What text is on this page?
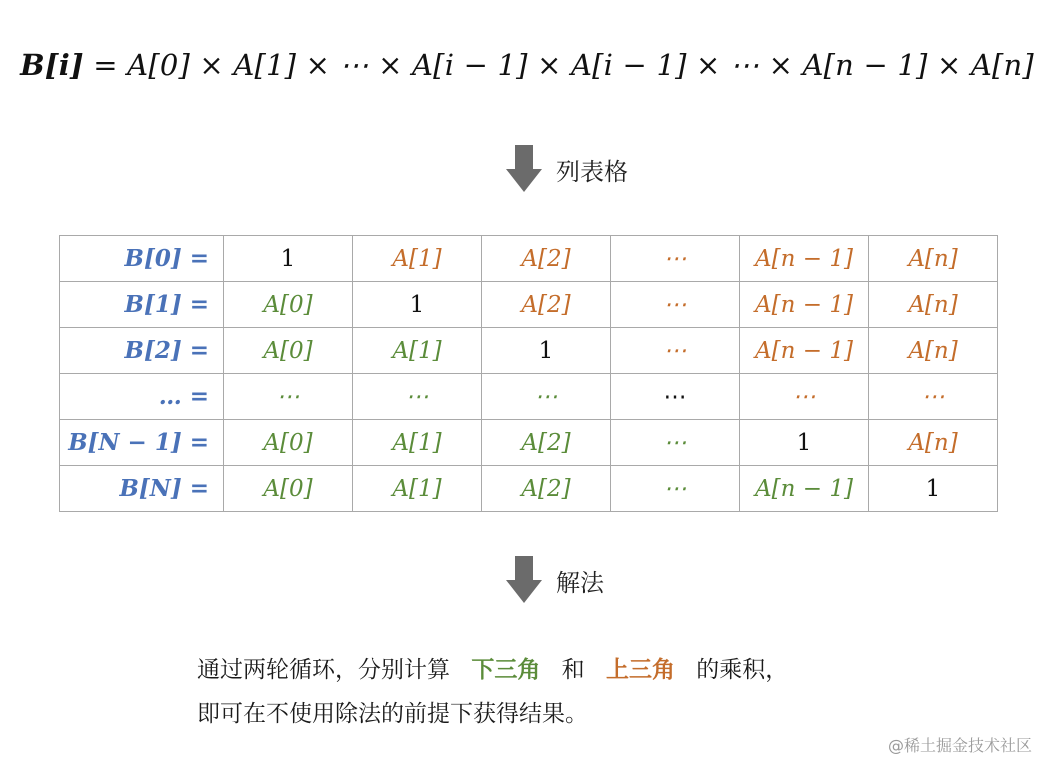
B[i] = A[0] × A[1] × ⋯ × A[i − 1] × A[i − 1] × ⋯ × A[n − 1] × A[n]
列表格
B[0] =	1	A[1]	A[2]	⋯	A[n − 1]	A[n]
B[1] =	A[0]	1	A[2]	⋯	A[n − 1]	A[n]
B[2] =	A[0]	A[1]	1	⋯	A[n − 1]	A[n]
… =	⋯	⋯	⋯	⋯	⋯	⋯
B[N − 1] =	A[0]	A[1]	A[2]	⋯	1	A[n]
B[N] =	A[0]	A[1]	A[2]	⋯	A[n − 1]	1
解法
通过两轮循环，分别计算 下三角 和 上三角 的乘积，
即可在不使用除法的前提下获得结果。
@稀土掘金技术社区
